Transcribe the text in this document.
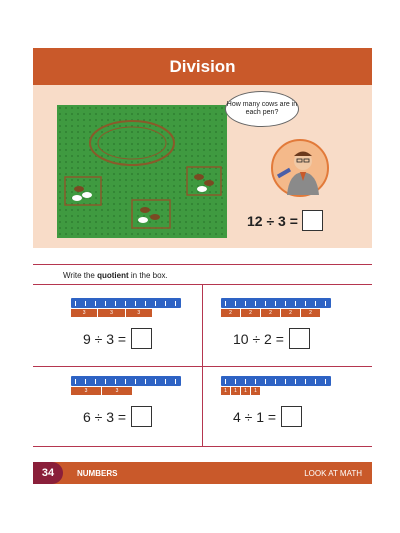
Division
How many cows are in each pen?
12 ÷ 3 =
Write the quotient in the box.
3	3	3
9 ÷ 3 =
2	2	2	2	2
10 ÷ 2 =
3	3
6 ÷ 3 =
1	1	1	1
4 ÷ 1 =
34	NUMBERS	LOOK AT MATH
